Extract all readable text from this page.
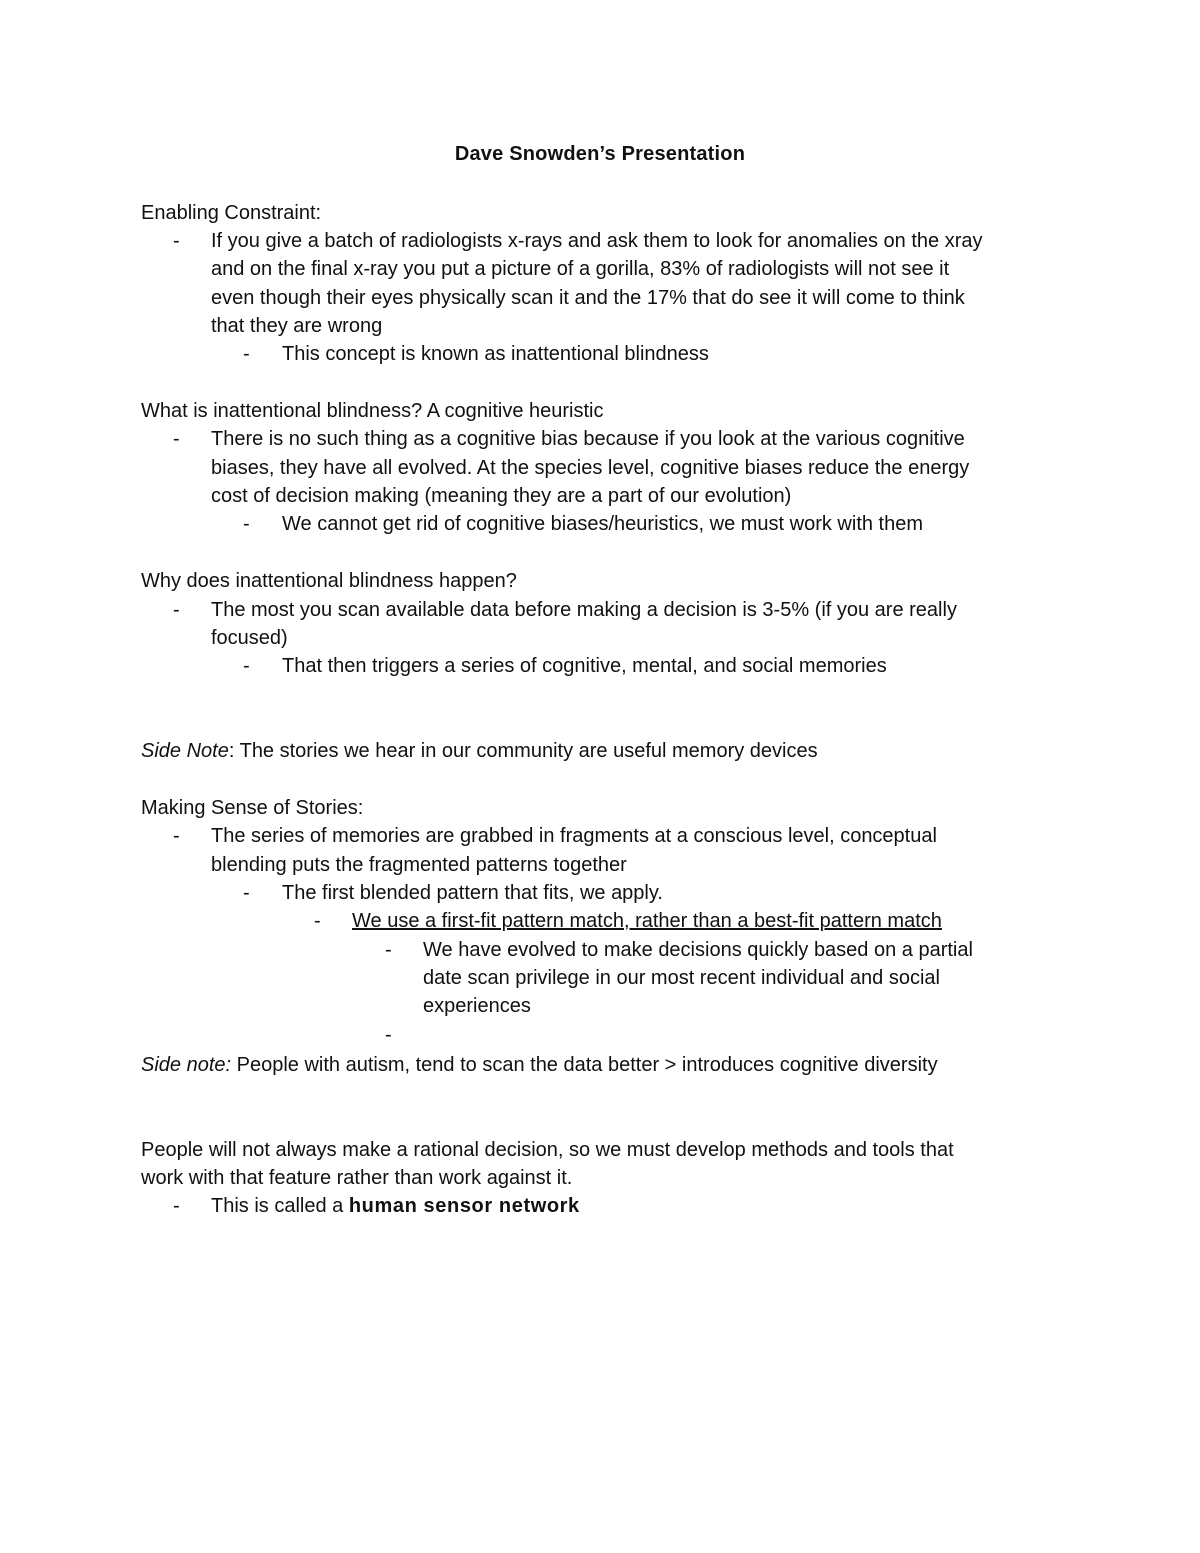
Dave Snowden’s Presentation
Enabling Constraint:
- If you give a batch of radiologists x-rays and ask them to look for anomalies on the xray
and on the final x-ray you put a picture of a gorilla, 83% of radiologists will not see it
even though their eyes physically scan it and the 17% that do see it will come to think
that they are wrong
- This concept is known as inattentional blindness
What is inattentional blindness? A cognitive heuristic
- There is no such thing as a cognitive bias because if you look at the various cognitive
biases, they have all evolved. At the species level, cognitive biases reduce the energy
cost of decision making (meaning they are a part of our evolution)
- We cannot get rid of cognitive biases/heuristics, we must work with them
Why does inattentional blindness happen?
- The most you scan available data before making a decision is 3-5% (if you are really
focused)
- That then triggers a series of cognitive, mental, and social memories
Side Note: The stories we hear in our community are useful memory devices
Making Sense of Stories:
- The series of memories are grabbed in fragments at a conscious level, conceptual
blending puts the fragmented patterns together
- The first blended pattern that fits, we apply.
- We use a first-fit pattern match, rather than a best-fit pattern match
- We have evolved to make decisions quickly based on a partial
date scan privilege in our most recent individual and social
experiences
-
Side note: People with autism, tend to scan the data better > introduces cognitive diversity
People will not always make a rational decision, so we must develop methods and tools that
work with that feature rather than work against it.
- This is called a human sensor network
